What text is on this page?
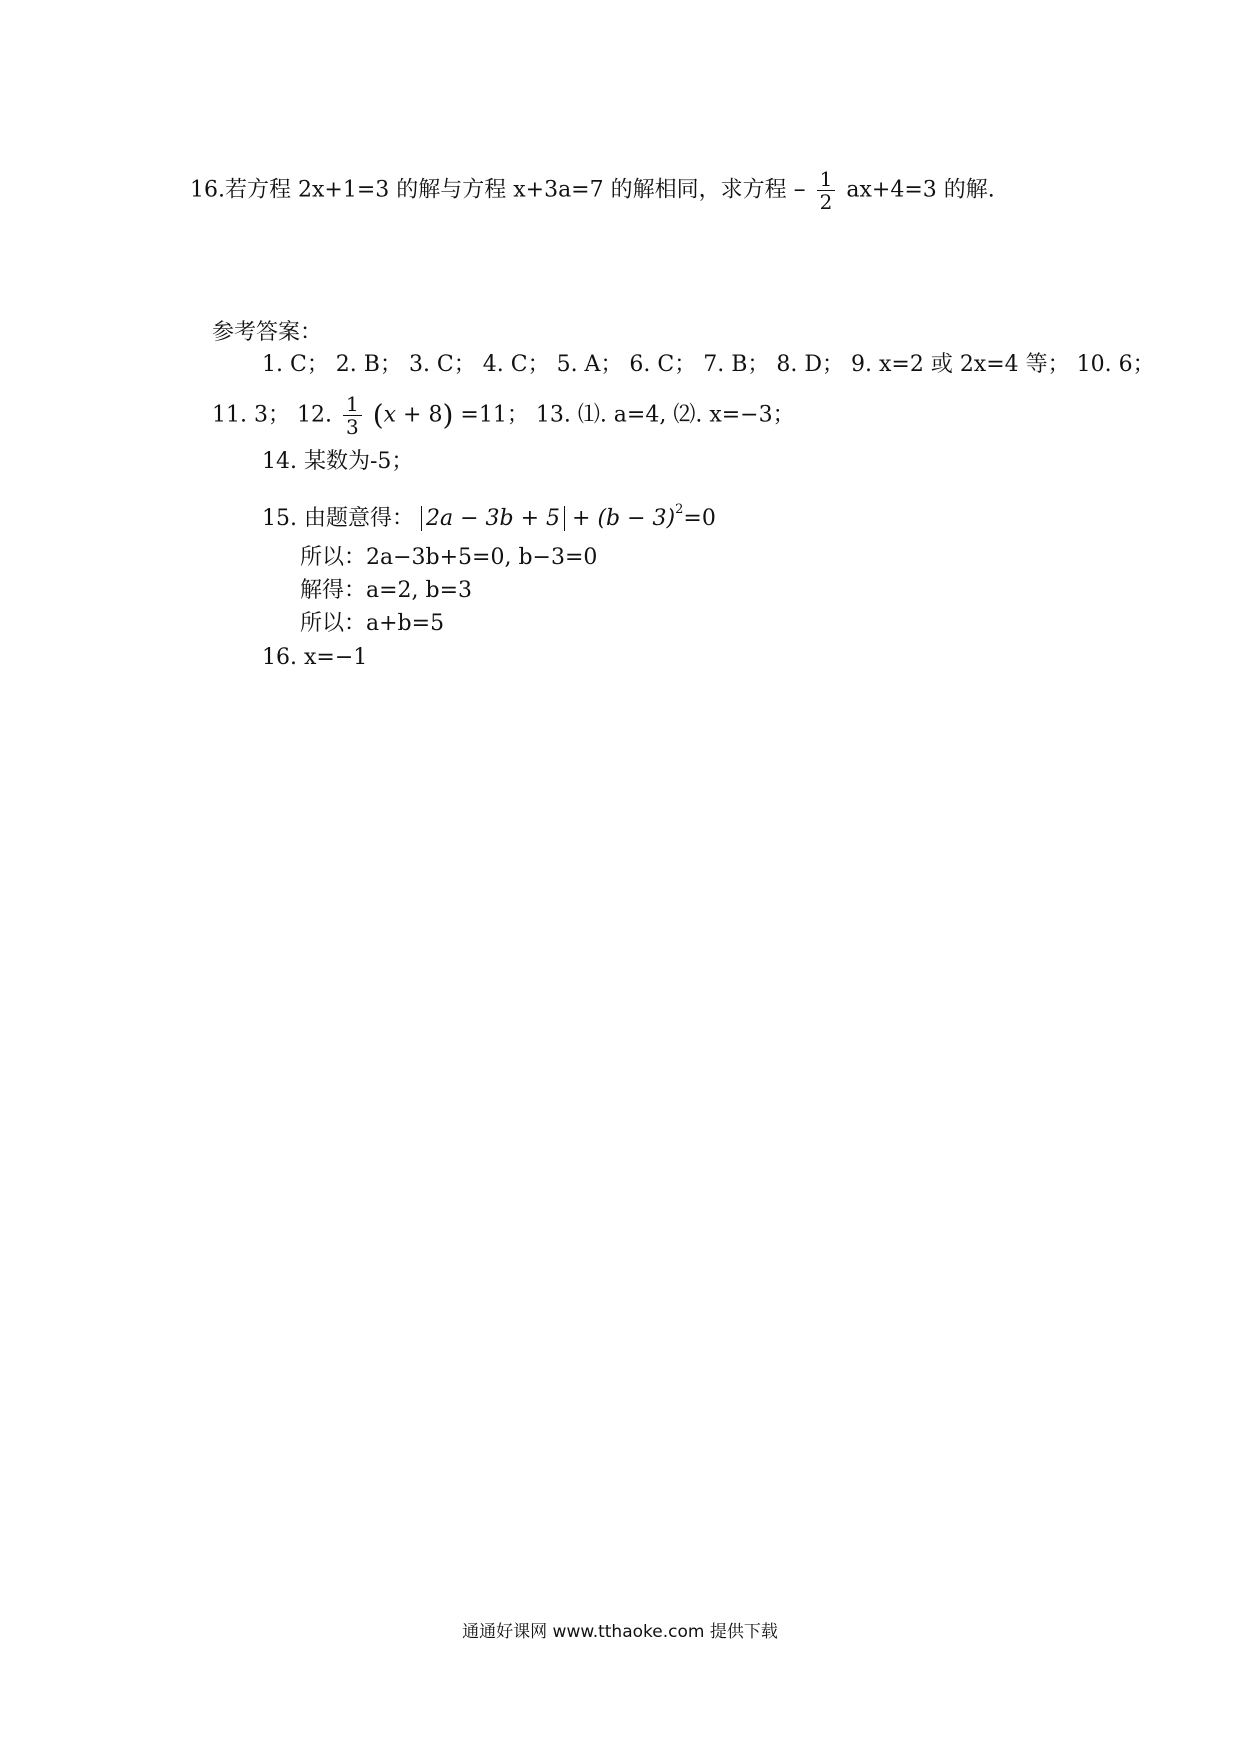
16.若方程 2x+1=3 的解与方程 x+3a=7 的解相同，求方程 – $\frac{1}{2} ax+4=3$ 的解.
参考答案：
1. C； 2. B； 3. C； 4. C； 5. A； 6. C； 7. B； 8. D； 9. x=2 或 2x=4 等； 10. 6；
11. 3； 12. $\frac{1}{3} (x + 8) =11$； 13. ⑴. a=4, ⑵. x=−3；
14. 某数为-5；
15. 由题意得： $2a - 3b + 5 + (b - 3)^2=0$
所以：2a−3b+5=0, b−3=0
解得：a=2, b=3
所以：a+b=5
16. x=−1
通通好课网 www.tthaoke.com 提供下载
